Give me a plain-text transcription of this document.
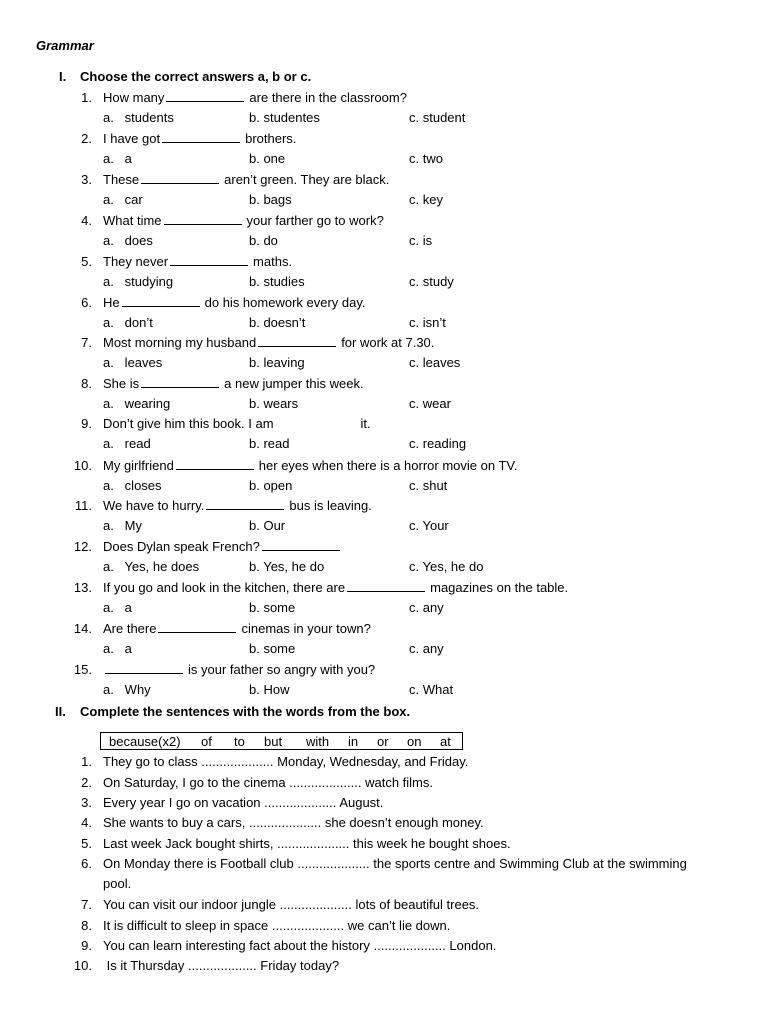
Grammar
I. Choose the correct answers a, b or c.
1. How many	are there in the classroom?
a.   students	b. studentes	c. student
2. I have got	brothers.
a.   a	b. one	c. two
3. These	aren’t green. They are black.
a.   car	b. bags	c. key
4. What time	your farther go to work?
a.   does	b. do	c. is
5. They never	maths.
a.   studying	b. studies	c. study
6. He	do his homework every day.
a.   don’t	b. doesn’t	c. isn’t
7. Most morning my husband	for work at 7.30.
a.   leaves	b. leaving	c. leaves
8. She is	a new jumper this week.
a.   wearing	b. wears	c. wear
9. Don’t give him this book. I am	it.
a.   read	b. read	c. reading
10. My girlfriend	her eyes when there is a horror movie on TV.
a.   closes	b. open	c. shut
11. We have to hurry.	bus is leaving.
a.   My	b. Our	c. Your
12. Does Dylan speak French?
a.   Yes, he does	b. Yes, he do	c. Yes, he do
13. If you go and look in the kitchen, there are	magazines on the table.
a.   a	b. some	c. any
14. Are there	cinemas in your town?
a.   a	b. some	c. any
15.	is your father so angry with you?
a.   Why	b. How	c. What
II. Complete the sentences with the words from the box.
because(x2) of to but with in or on at
1. They go to class .................... Monday, Wednesday, and Friday.
2. On Saturday, I go to the cinema .................... watch films.
3. Every year I go on vacation .................... August.
4. She wants to buy a cars, .................... she doesn’t enough money.
5. Last week Jack bought shirts, .................... this week he bought shoes.
6. On Monday there is Football club .................... the sports centre and Swimming Club at the swimming
pool.
7. You can visit our indoor jungle .................... lots of beautiful trees.
8. It is difficult to sleep in space .................... we can’t lie down.
9. You can learn interesting fact about the history .................... London.
10. Is it Thursday ................... Friday today?
